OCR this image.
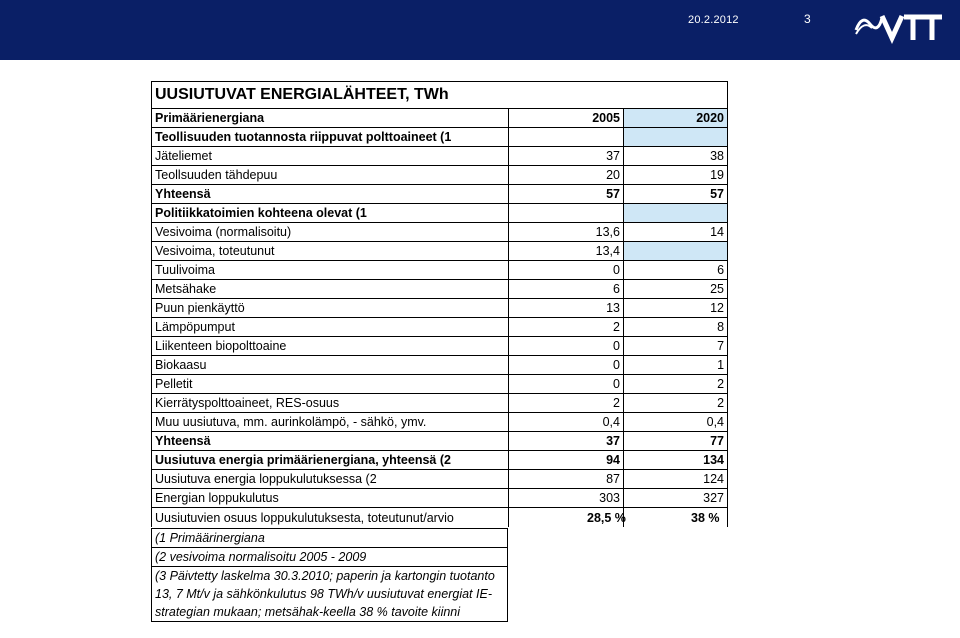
20.2.2012	3
UUSIUTUVAT ENERGIALÄHTEET, TWh		
Primäärienergiana	2005	2020
Teollisuuden tuotannosta riippuvat polttoaineet (1		
Jäteliemet	37	38
Teollsuuden tähdepuu	20	19
Yhteensä	57	57
Politiikkatoimien kohteena olevat (1		
Vesivoima (normalisoitu)	13,6	14
Vesivoima, toteutunut	13,4	
Tuulivoima	0	6
Metsähake	6	25
Puun pienkäyttö	13	12
Lämpöpumput	2	8
Liikenteen biopolttoaine	0	7
Biokaasu	0	1
Pelletit	0	2
Kierrätyspolttoaineet, RES-osuus	2	2
Muu uusiutuva, mm. aurinkolämpö, - sähkö, ymv.	0,4	0,4
Yhteensä	37	77
Uusiutuva energia primäärienergiana, yhteensä (2	94	134
Uusiutuva energia loppukulutuksessa (2	87	124
Energian loppukulutus	303	327

Uusiutuvien osuus loppukulutuksesta, toteutunut/arvio	28,5 %	38 %
(1 Primäärinergiana
(2 vesivoima normalisoitu 2005 - 2009
(3 Päivtetty laskelma 30.3.2010; paperin ja kartongin tuotanto 13, 7 Mt/v ja sähkönkulutus 98 TWh/v uusiutuvat energiat IE-strategian mukaan; metsähak-keella 38 % tavoite kiinni
